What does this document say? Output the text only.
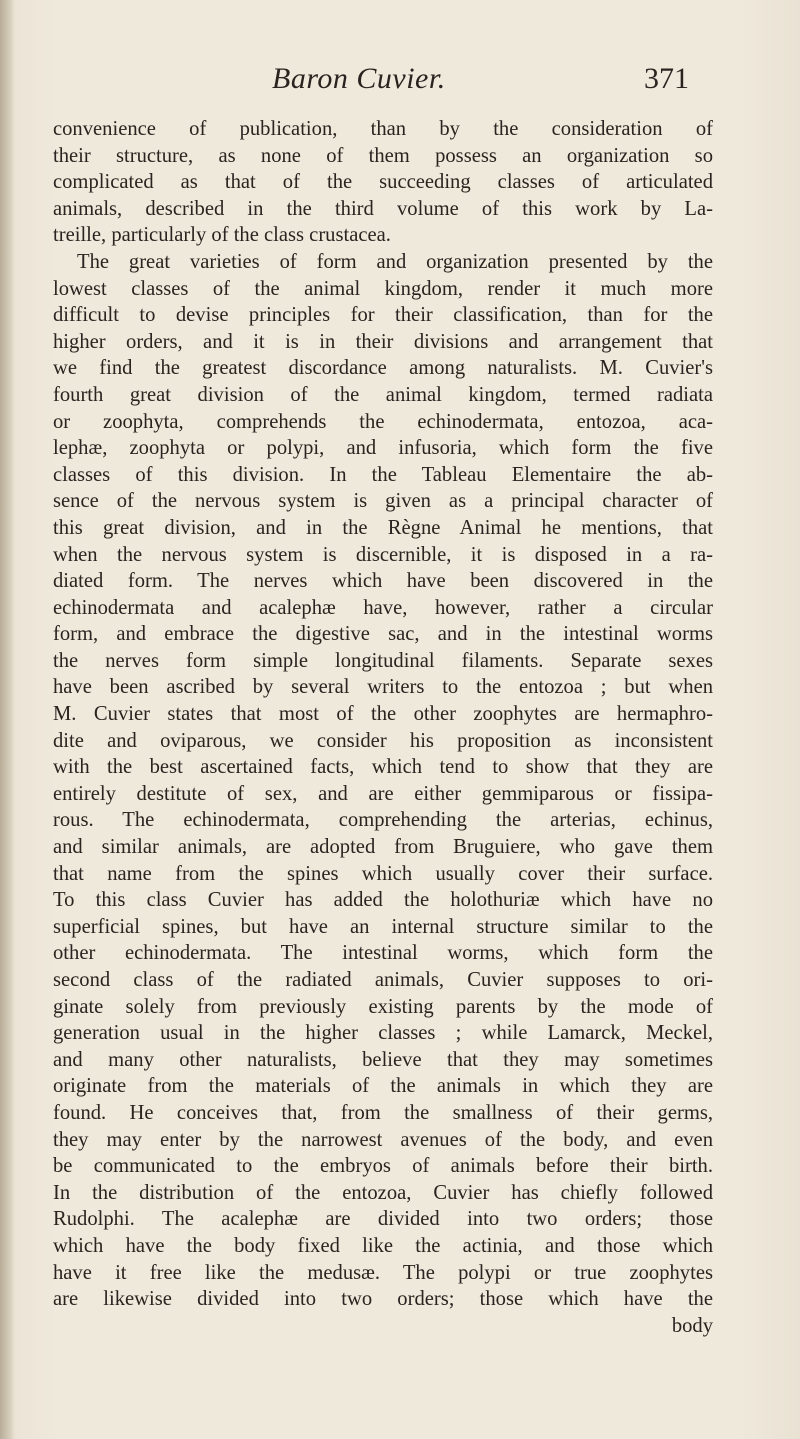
Baron Cuvier.	371
convenience of publication, than by the consideration of
their structure, as none of them possess an organization so
complicated as that of the succeeding classes of articulated
animals, described in the third volume of this work by La-
treille, particularly of the class crustacea.
The great varieties of form and organization presented by the
lowest classes of the animal kingdom, render it much more
difficult to devise principles for their classification, than for the
higher orders, and it is in their divisions and arrangement that
we find the greatest discordance among naturalists. M. Cuvier's
fourth great division of the animal kingdom, termed radiata
or zoophyta, comprehends the echinodermata, entozoa, aca-
lephæ, zoophyta or polypi, and infusoria, which form the five
classes of this division. In the Tableau Elementaire the ab-
sence of the nervous system is given as a principal character of
this great division, and in the Règne Animal he mentions, that
when the nervous system is discernible, it is disposed in a ra-
diated form. The nerves which have been discovered in the
echinodermata and acalephæ have, however, rather a circular
form, and embrace the digestive sac, and in the intestinal worms
the nerves form simple longitudinal filaments. Separate sexes
have been ascribed by several writers to the entozoa ; but when
M. Cuvier states that most of the other zoophytes are hermaphro-
dite and oviparous, we consider his proposition as inconsistent
with the best ascertained facts, which tend to show that they are
entirely destitute of sex, and are either gemmiparous or fissipa-
rous. The echinodermata, comprehending the arterias, echinus,
and similar animals, are adopted from Bruguiere, who gave them
that name from the spines which usually cover their surface.
To this class Cuvier has added the holothuriæ which have no
superficial spines, but have an internal structure similar to the
other echinodermata. The intestinal worms, which form the
second class of the radiated animals, Cuvier supposes to ori-
ginate solely from previously existing parents by the mode of
generation usual in the higher classes ; while Lamarck, Meckel,
and many other naturalists, believe that they may sometimes
originate from the materials of the animals in which they are
found. He conceives that, from the smallness of their germs,
they may enter by the narrowest avenues of the body, and even
be communicated to the embryos of animals before their birth.
In the distribution of the entozoa, Cuvier has chiefly followed
Rudolphi. The acalephæ are divided into two orders; those
which have the body fixed like the actinia, and those which
have it free like the medusæ. The polypi or true zoophytes
are likewise divided into two orders; those which have the
body
